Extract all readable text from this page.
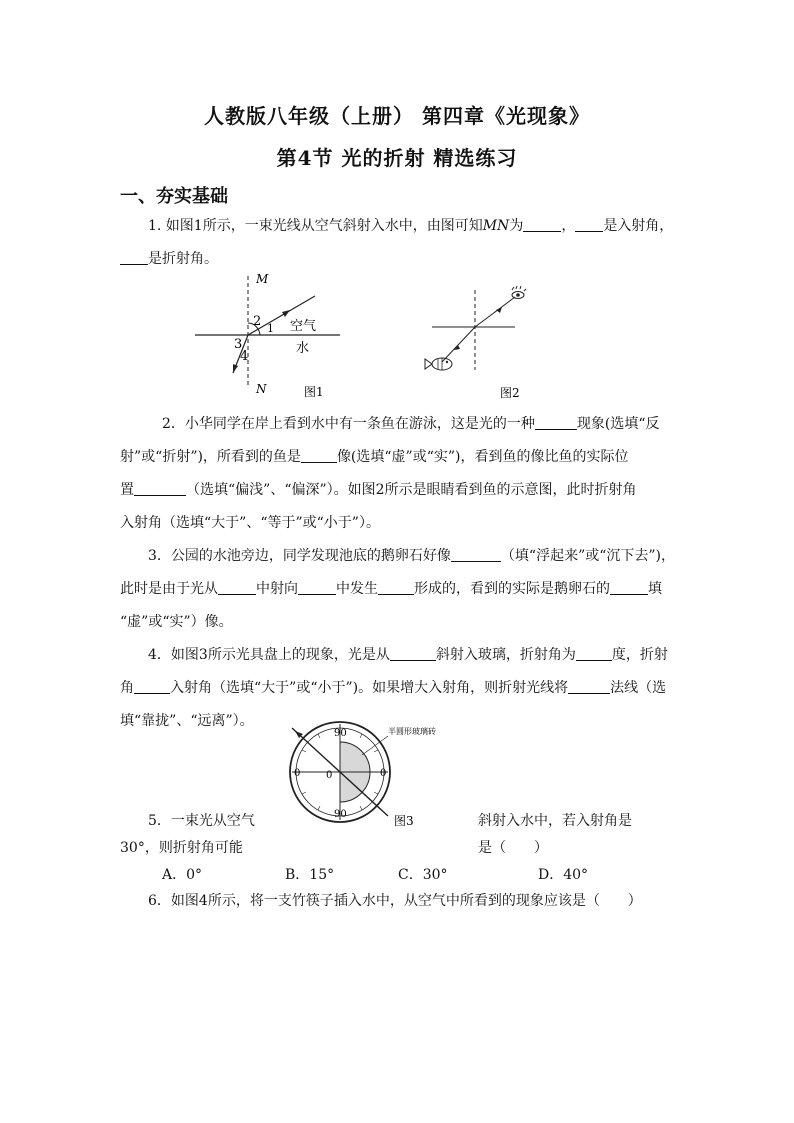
人教版八年级（上册） 第四章《光现象》
第4节 光的折射 精选练习
一、夯实基础
1. 如图1所示，一束光线从空气斜射入水中，由图可知MN为	， 是入射角，
是折射角。
M
N
2 1
3
4
空气
水
图1	图2
2．小华同学在岸上看到水中有一条鱼在游泳，这是光的一种	现象(选填“反
射”或“折射”)，所看到的鱼是	像(选填“虚”或“实”)，看到鱼的像比鱼的实际位
置	（选填“偏浅”、“偏深”）。如图2所示是眼睛看到鱼的示意图，此时折射角
入射角（选填“大于”、“等于”或“小于”）。
3．公园的水池旁边，同学发现池底的鹅卵石好像	（填“浮起来”或“沉下去”)，
此时是由于光从	中射向	中发生	形成的，看到的实际是鹅卵石的	填
“虚”或“实”）像。
4．如图3所示光具盘上的现象，光是从	斜射入玻璃，折射角为	度，折射
角	入射角（选填“大于”或“小于”)。如果增大入射角，则折射光线将	法线（选
填“靠拢”、“远离”）。
90
90
0	0
0
半圆形玻璃砖
图3
5．一束光从空气	斜射入水中，若入射角是
30°，则折射角可能	是（　　）
A．0°	B．15°	C．30°	D．40°
6．如图4所示，将一支竹筷子插入水中，从空气中所看到的现象应该是（　　）
